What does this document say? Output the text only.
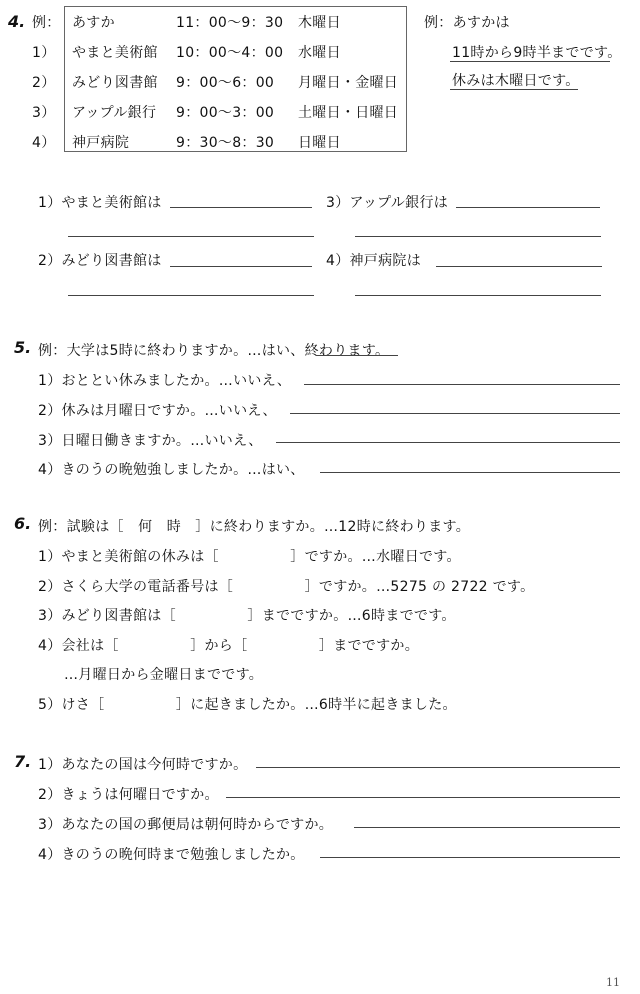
4. 例： あすか	11：00〜9：30 木曜日
1） やまと美術館 10：00〜4：00 水曜日
2） みどり図書館 9：00〜6：00 月曜日・金曜日
3） アップル銀行 9：00〜3：00 土曜日・日曜日
4） 神戸病院	9：30〜8：30 日曜日
例：あすかは
11時から9時半までです。
休みは木曜日です。
1）やまと美術館は	3）アップル銀行は
2）みどり図書館は	4）神戸病院は
5. 例：大学は5時に終わりますか。…はい、終わります。
1）おととい休みましたか。…いいえ、
2）休みは月曜日ですか。…いいえ、
3）日曜日働きますか。…いいえ、
4）きのうの晩勉強しましたか。…はい、
6. 例：試験は［　何　時　］に終わりますか。…12時に終わります。
1）やまと美術館の休みは［　　　　　］ですか。…水曜日です。
2）さくら大学の電話番号は［　　　　　］ですか。…5275 の 2722 です。
3）みどり図書館は［　　　　　］までですか。…6時までです。
4）会社は［　　　　　］から［　　　　　］までですか。
…月曜日から金曜日までです。
5）けさ［　　　　　］に起きましたか。…6時半に起きました。
7. 1）あなたの国は今何時ですか。
2）きょうは何曜日ですか。
3）あなたの国の郵便局は朝何時からですか。
4）きのうの晩何時まで勉強しましたか。
11
